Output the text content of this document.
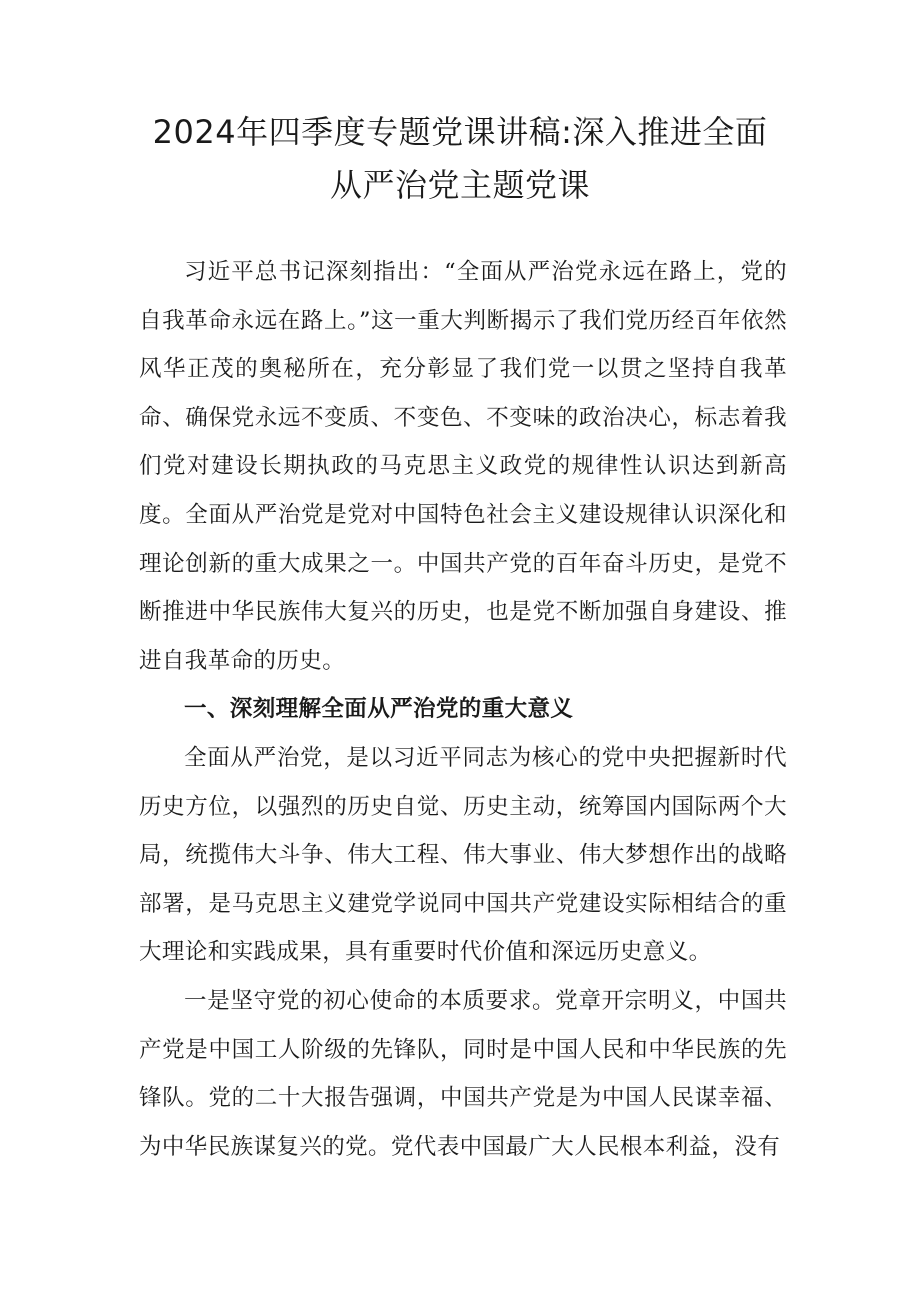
2024年四季度专题党课讲稿:深入推进全面
从严治党主题党课

习近平总书记深刻指出：“全面从严治党永远在路上，党的自我革命永远在路上。”这一重大判断揭示了我们党历经百年依然风华正茂的奥秘所在，充分彰显了我们党一以贯之坚持自我革命、确保党永远不变质、不变色、不变味的政治决心，标志着我们党对建设长期执政的马克思主义政党的规律性认识达到新高度。全面从严治党是党对中国特色社会主义建设规律认识深化和理论创新的重大成果之一。中国共产党的百年奋斗历史，是党不断推进中华民族伟大复兴的历史，也是党不断加强自身建设、推进自我革命的历史。

一、深刻理解全面从严治党的重大意义

全面从严治党，是以习近平同志为核心的党中央把握新时代历史方位，以强烈的历史自觉、历史主动，统筹国内国际两个大局，统揽伟大斗争、伟大工程、伟大事业、伟大梦想作出的战略部署，是马克思主义建党学说同中国共产党建设实际相结合的重大理论和实践成果，具有重要时代价值和深远历史意义。

一是坚守党的初心使命的本质要求。党章开宗明义，中国共产党是中国工人阶级的先锋队，同时是中国人民和中华民族的先锋队。党的二十大报告强调，中国共产党是为中国人民谋幸福、为中华民族谋复兴的党。党代表中国最广大人民根本利益，没有
